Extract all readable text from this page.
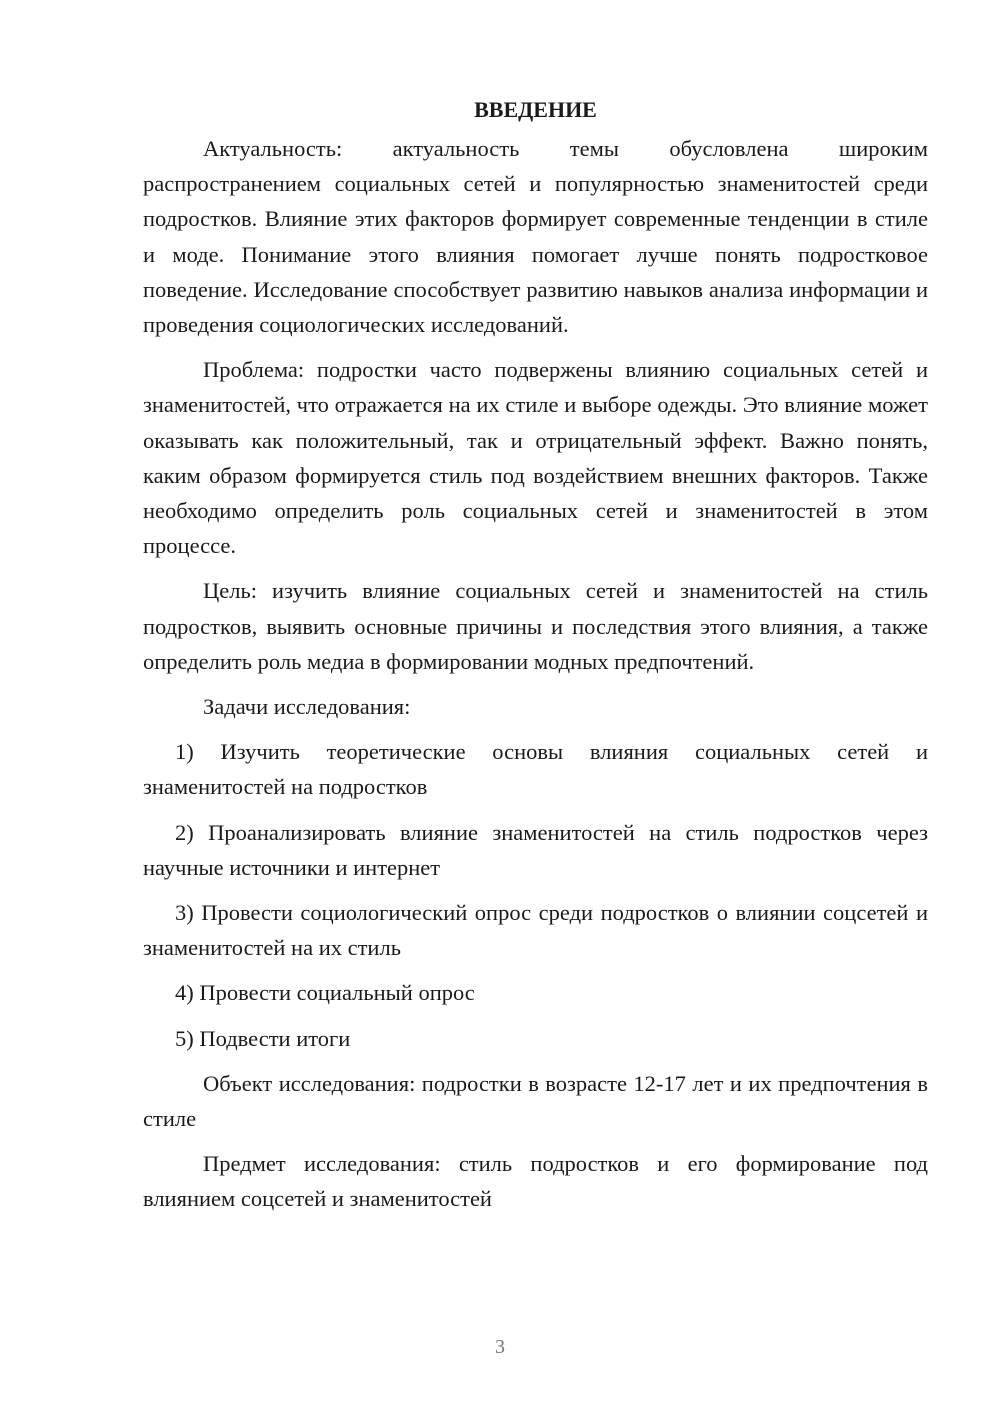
ВВЕДЕНИЕ

Актуальность: актуальность темы обусловлена широким распространением социальных сетей и популярностью знаменитостей среди подростков. Влияние этих факторов формирует современные тенденции в стиле и моде. Понимание этого влияния помогает лучше понять подростковое поведение. Исследование способствует развитию навыков анализа информации и проведения социологических исследований.

Проблема: подростки часто подвержены влиянию социальных сетей и знаменитостей, что отражается на их стиле и выборе одежды. Это влияние может оказывать как положительный, так и отрицательный эффект. Важно понять, каким образом формируется стиль под воздействием внешних факторов. Также необходимо определить роль социальных сетей и знаменитостей в этом процессе.

Цель: изучить влияние социальных сетей и знаменитостей на стиль подростков, выявить основные причины и последствия этого влияния, а также определить роль медиа в формировании модных предпочтений.

Задачи исследования:

1) Изучить теоретические основы влияния социальных сетей и знаменитостей на подростков

2) Проанализировать влияние знаменитостей на стиль подростков через научные источники и интернет

3) Провести социологический опрос среди подростков о влиянии соцсетей и знаменитостей на их стиль

4) Провести социальный опрос

5) Подвести итоги

Объект исследования: подростки в возрасте 12-17 лет и их предпочтения в стиле

Предмет исследования: стиль подростков и его формирование под влиянием соцсетей и знаменитостей

3
